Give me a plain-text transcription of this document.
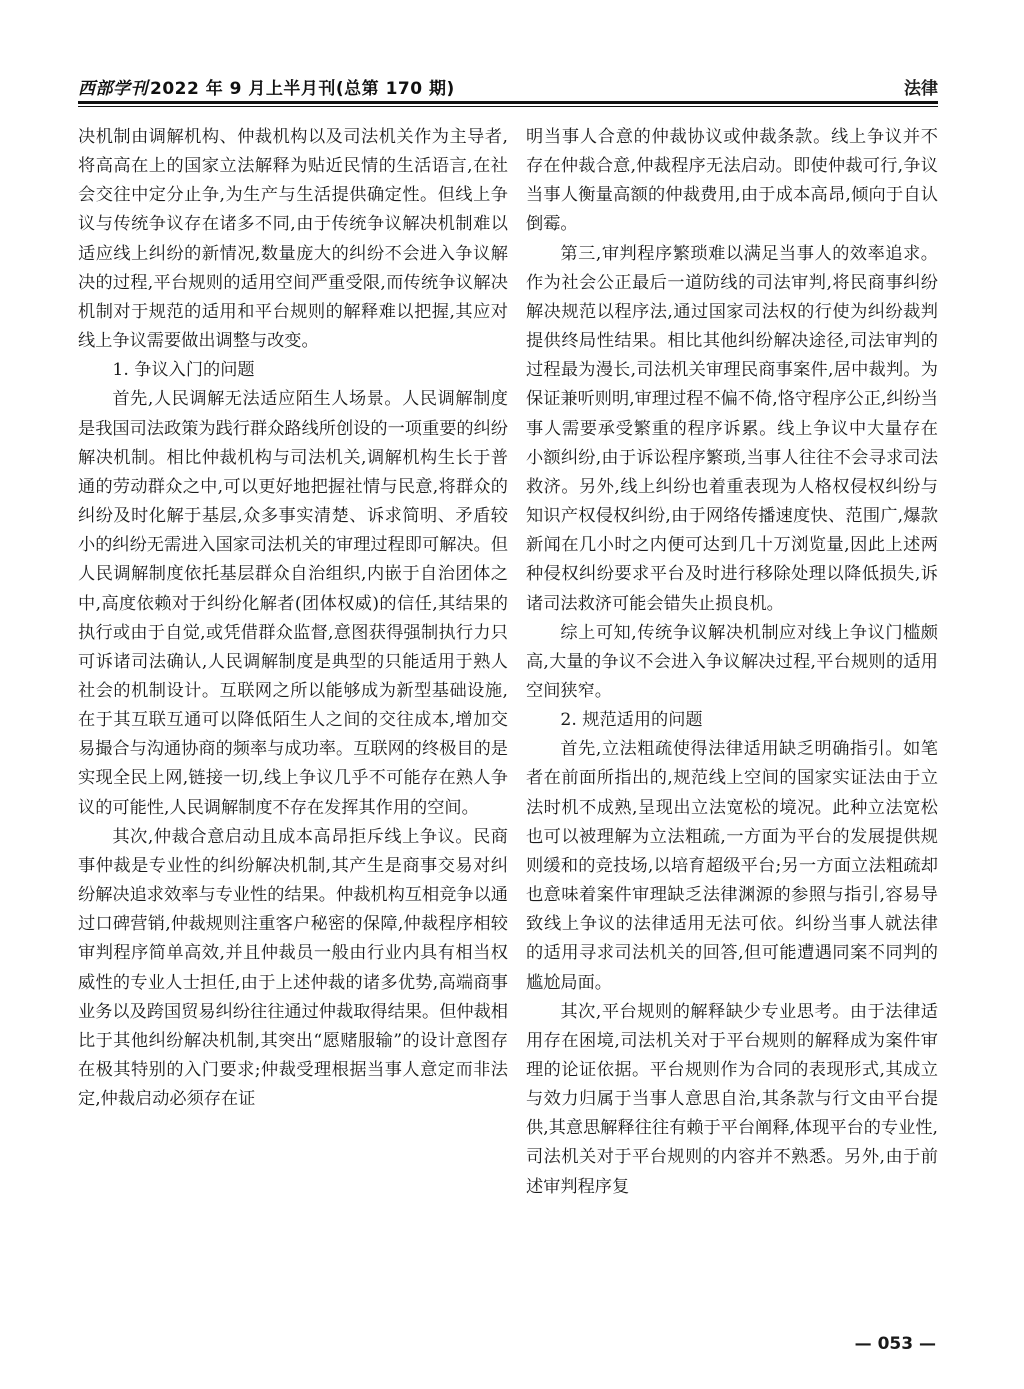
西部学刊 2022 年 9 月上半月刊(总第 170 期)	法律

决机制由调解机构、仲裁机构以及司法机关作为主导者,将高高在上的国家立法解释为贴近民情的生活语言,在社会交往中定分止争,为生产与生活提供确定性。但线上争议与传统争议存在诸多不同,由于传统争议解决机制难以适应线上纠纷的新情况,数量庞大的纠纷不会进入争议解决的过程,平台规则的适用空间严重受限,而传统争议解决机制对于规范的适用和平台规则的解释难以把握,其应对线上争议需要做出调整与改变。

1. 争议入门的问题

首先,人民调解无法适应陌生人场景。人民调解制度是我国司法政策为践行群众路线所创设的一项重要的纠纷解决机制。相比仲裁机构与司法机关,调解机构生长于普通的劳动群众之中,可以更好地把握社情与民意,将群众的纠纷及时化解于基层,众多事实清楚、诉求简明、矛盾较小的纠纷无需进入国家司法机关的审理过程即可解决。但人民调解制度依托基层群众自治组织,内嵌于自治团体之中,高度依赖对于纠纷化解者(团体权威)的信任,其结果的执行或由于自觉,或凭借群众监督,意图获得强制执行力只可诉诸司法确认,人民调解制度是典型的只能适用于熟人社会的机制设计。互联网之所以能够成为新型基础设施,在于其互联互通可以降低陌生人之间的交往成本,增加交易撮合与沟通协商的频率与成功率。互联网的终极目的是实现全民上网,链接一切,线上争议几乎不可能存在熟人争议的可能性,人民调解制度不存在发挥其作用的空间。

其次,仲裁合意启动且成本高昂拒斥线上争议。民商事仲裁是专业性的纠纷解决机制,其产生是商事交易对纠纷解决追求效率与专业性的结果。仲裁机构互相竞争以通过口碑营销,仲裁规则注重客户秘密的保障,仲裁程序相较审判程序简单高效,并且仲裁员一般由行业内具有相当权威性的专业人士担任,由于上述仲裁的诸多优势,高端商事业务以及跨国贸易纠纷往往通过仲裁取得结果。但仲裁相比于其他纠纷解决机制,其突出“愿赌服输”的设计意图存在极其特别的入门要求;仲裁受理根据当事人意定而非法定,仲裁启动必须存在证

明当事人合意的仲裁协议或仲裁条款。线上争议并不存在仲裁合意,仲裁程序无法启动。即使仲裁可行,争议当事人衡量高额的仲裁费用,由于成本高昂,倾向于自认倒霉。

第三,审判程序繁琐难以满足当事人的效率追求。作为社会公正最后一道防线的司法审判,将民商事纠纷解决规范以程序法,通过国家司法权的行使为纠纷裁判提供终局性结果。相比其他纠纷解决途径,司法审判的过程最为漫长,司法机关审理民商事案件,居中裁判。为保证兼听则明,审理过程不偏不倚,恪守程序公正,纠纷当事人需要承受繁重的程序诉累。线上争议中大量存在小额纠纷,由于诉讼程序繁琐,当事人往往不会寻求司法救济。另外,线上纠纷也着重表现为人格权侵权纠纷与知识产权侵权纠纷,由于网络传播速度快、范围广,爆款新闻在几小时之内便可达到几十万浏览量,因此上述两种侵权纠纷要求平台及时进行移除处理以降低损失,诉诸司法救济可能会错失止损良机。

综上可知,传统争议解决机制应对线上争议门槛颇高,大量的争议不会进入争议解决过程,平台规则的适用空间狭窄。

2. 规范适用的问题

首先,立法粗疏使得法律适用缺乏明确指引。如笔者在前面所指出的,规范线上空间的国家实证法由于立法时机不成熟,呈现出立法宽松的境况。此种立法宽松也可以被理解为立法粗疏,一方面为平台的发展提供规则缓和的竞技场,以培育超级平台;另一方面立法粗疏却也意味着案件审理缺乏法律渊源的参照与指引,容易导致线上争议的法律适用无法可依。纠纷当事人就法律的适用寻求司法机关的回答,但可能遭遇同案不同判的尴尬局面。

其次,平台规则的解释缺少专业思考。由于法律适用存在困境,司法机关对于平台规则的解释成为案件审理的论证依据。平台规则作为合同的表现形式,其成立与效力归属于当事人意思自治,其条款与行文由平台提供,其意思解释往往有赖于平台阐释,体现平台的专业性,司法机关对于平台规则的内容并不熟悉。另外,由于前述审判程序复

— 053 —
